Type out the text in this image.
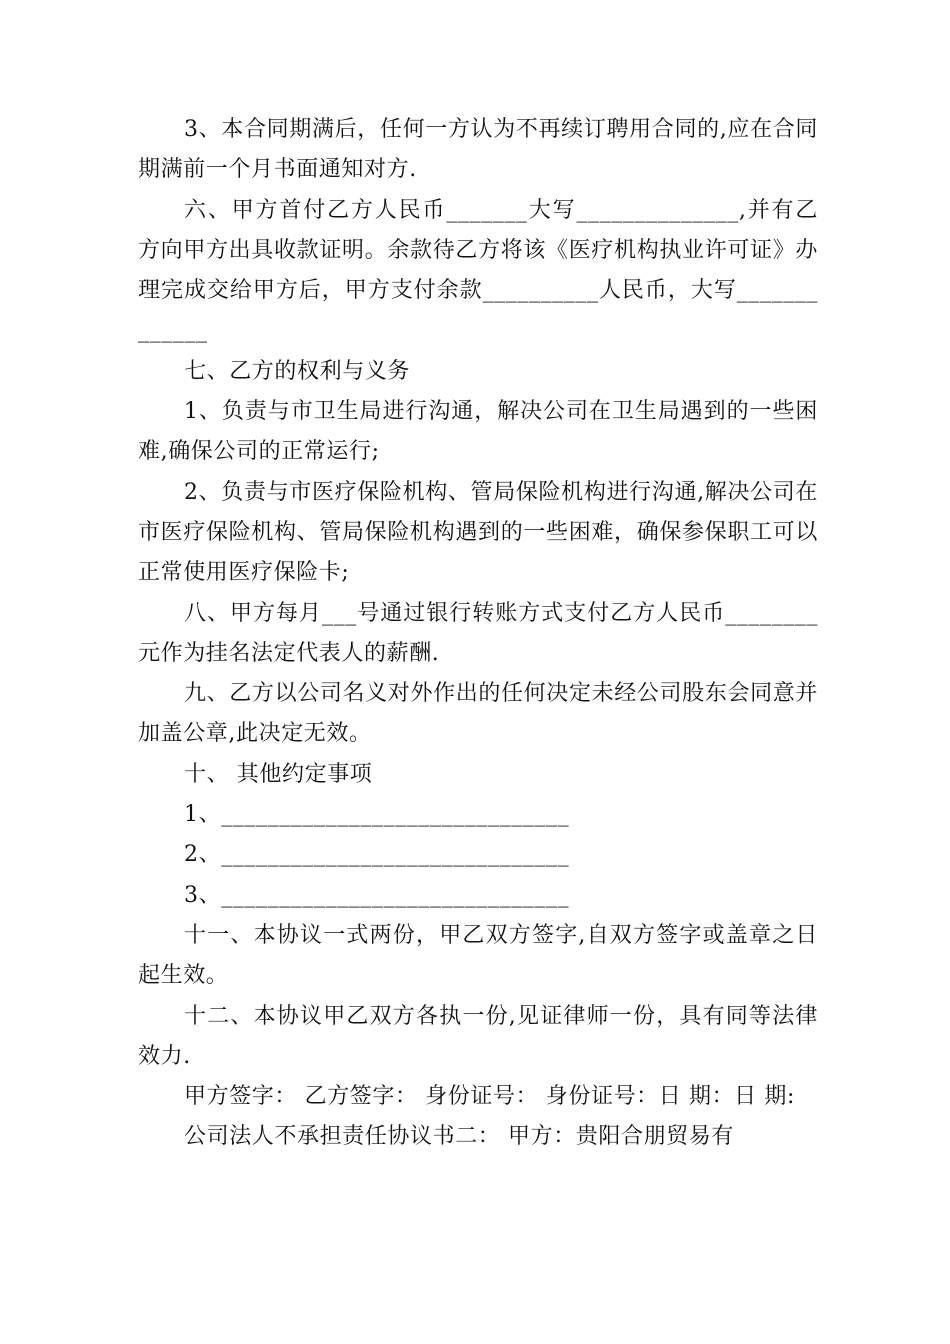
3、本合同期满后，任何一方认为不再续订聘用合同的,应在合同期满前一个月书面通知对方.

六、甲方首付乙方人民币_______大写______________,并有乙方向甲方出具收款证明。余款待乙方将该《医疗机构执业许可证》办理完成交给甲方后，甲方支付余款__________人民币，大写_____________

七、乙方的权利与义务

1、负责与市卫生局进行沟通，解决公司在卫生局遇到的一些困难,确保公司的正常运行;

2、负责与市医疗保险机构、管局保险机构进行沟通,解决公司在市医疗保险机构、管局保险机构遇到的一些困难，确保参保职工可以正常使用医疗保险卡;

八、甲方每月___号通过银行转账方式支付乙方人民币________元作为挂名法定代表人的薪酬.

九、乙方以公司名义对外作出的任何决定未经公司股东会同意并加盖公章,此决定无效。

十、 其他约定事项

1、______________________________

2、______________________________

3、______________________________

十一、本协议一式两份，甲乙双方签字,自双方签字或盖章之日起生效。

十二、本协议甲乙双方各执一份,见证律师一份，具有同等法律效力.

甲方签字： 乙方签字： 身份证号： 身份证号：日 期：日 期:

公司法人不承担责任协议书二： 甲方：贵阳合朋贸易有
